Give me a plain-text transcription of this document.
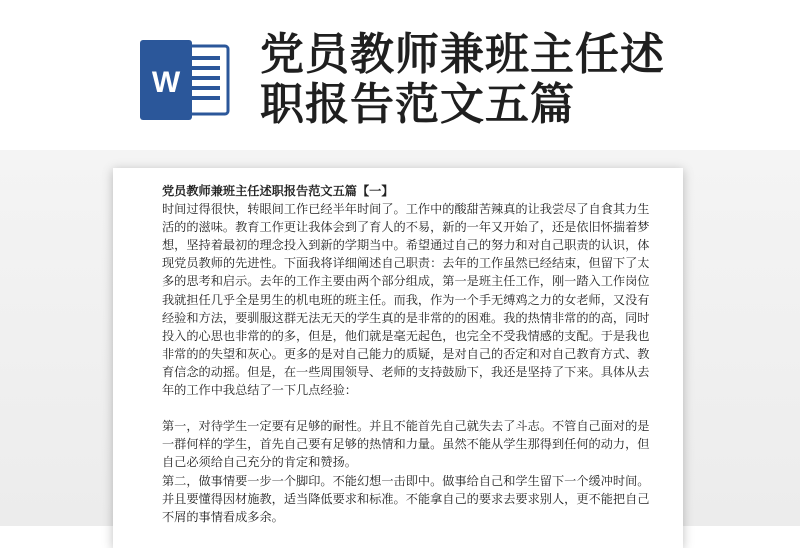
W
党员教师兼班主任述
职报告范文五篇
党员教师兼班主任述职报告范文五篇【一】
时间过得很快，转眼间工作已经半年时间了。工作中的酸甜苦辣真的让我尝尽了自食其力生
活的的滋味。教育工作更让我体会到了育人的不易，新的一年又开始了，还是依旧怀揣着梦
想，坚持着最初的理念投入到新的学期当中。希望通过自己的努力和对自己职责的认识，体
现党员教师的先进性。下面我将详细阐述自己职责：去年的工作虽然已经结束，但留下了太
多的思考和启示。去年的工作主要由两个部分组成，第一是班主任工作，刚一踏入工作岗位
我就担任几乎全是男生的机电班的班主任。而我，作为一个手无缚鸡之力的女老师，又没有
经验和方法，要驯服这群无法无天的学生真的是非常的的困难。我的热情非常的的高，同时
投入的心思也非常的的多，但是，他们就是毫无起色，也完全不受我情感的支配。于是我也
非常的的失望和灰心。更多的是对自己能力的质疑，是对自己的否定和对自己教育方式、教
育信念的动摇。但是，在一些周围领导、老师的支持鼓励下，我还是坚持了下来。具体从去
年的工作中我总结了一下几点经验：
第一，对待学生一定要有足够的耐性。并且不能首先自己就失去了斗志。不管自己面对的是
一群何样的学生，首先自己要有足够的热情和力量。虽然不能从学生那得到任何的动力，但
自己必须给自己充分的肯定和赞扬。
第二，做事情要一步一个脚印。不能幻想一击即中。做事给自己和学生留下一个缓冲时间。
并且要懂得因材施教，适当降低要求和标准。不能拿自己的要求去要求别人，更不能把自己
不屑的事情看成多余。
